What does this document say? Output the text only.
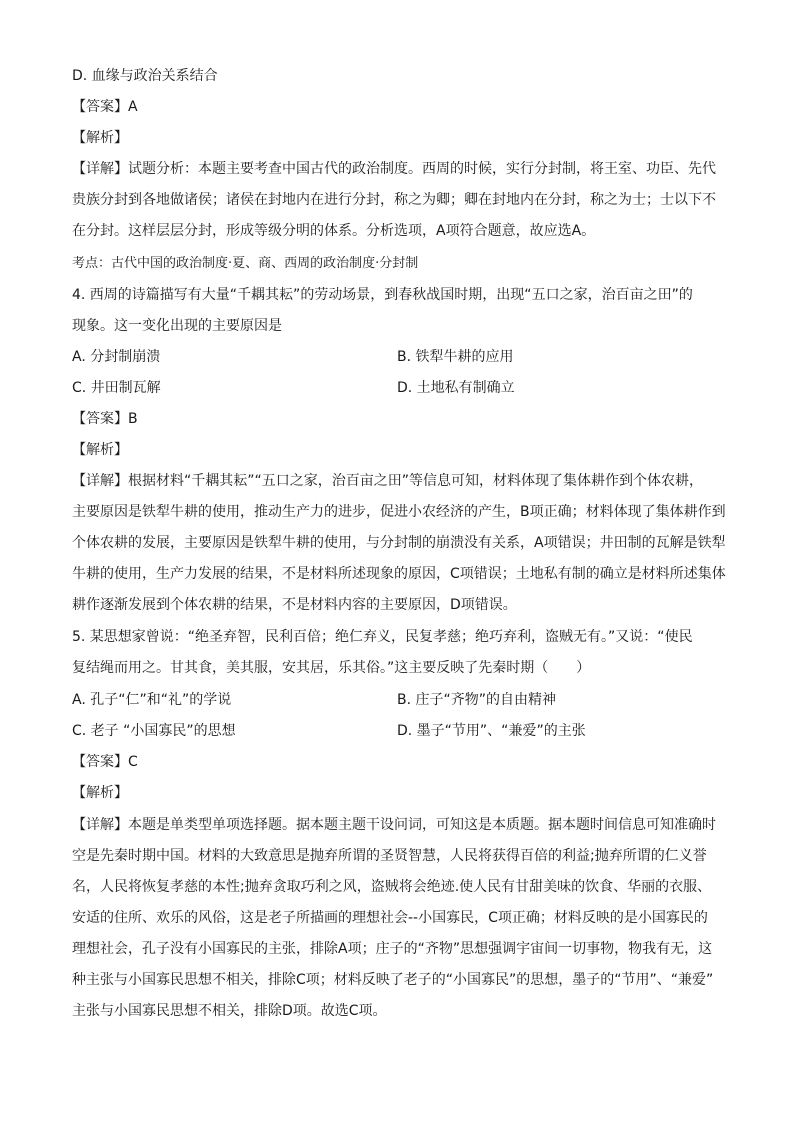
D. 血缘与政治关系结合
【答案】A
【解析】
【详解】试题分析：本题主要考查中国古代的政治制度。西周的时候，实行分封制，将王室、功臣、先代
贵族分封到各地做诸侯；诸侯在封地内在进行分封，称之为卿；卿在封地内在分封，称之为士；士以下不
在分封。这样层层分封，形成等级分明的体系。分析选项，A项符合题意，故应选A。
考点：古代中国的政治制度·夏、商、西周的政治制度·分封制
4. 西周的诗篇描写有大量“千耦其耘”的劳动场景，到春秋战国时期，出现“五口之家，治百亩之田”的
现象。这一变化出现的主要原因是
A. 分封制崩溃	B. 铁犁牛耕的应用
C. 井田制瓦解	D. 土地私有制确立
【答案】B
【解析】
【详解】根据材料“千耦其耘”“五口之家，治百亩之田”等信息可知，材料体现了集体耕作到个体农耕，
主要原因是铁犁牛耕的使用，推动生产力的进步，促进小农经济的产生，B项正确；材料体现了集体耕作到
个体农耕的发展，主要原因是铁犁牛耕的使用，与分封制的崩溃没有关系，A项错误；井田制的瓦解是铁犁
牛耕的使用，生产力发展的结果，不是材料所述现象的原因，C项错误；土地私有制的确立是材料所述集体
耕作逐渐发展到个体农耕的结果，不是材料内容的主要原因，D项错误。
5. 某思想家曾说：“绝圣弃智，民利百倍；绝仁弃义，民复孝慈；绝巧弃利，盗贼无有。”又说：“使民
复结绳而用之。甘其食，美其服，安其居，乐其俗。”这主要反映了先秦时期（　　）
A. 孔子“仁”和“礼”的学说	B. 庄子“齐物”的自由精神
C. 老子 “小国寡民”的思想	D. 墨子“节用”、“兼爱”的主张
【答案】C
【解析】
【详解】本题是单类型单项选择题。据本题主题干设问词，可知这是本质题。据本题时间信息可知准确时
空是先秦时期中国。材料的大致意思是抛弃所谓的圣贤智慧，人民将获得百倍的利益;抛弃所谓的仁义誉
名，人民将恢复孝慈的本性;抛弃贪取巧利之风，盗贼将会绝迹.使人民有甘甜美味的饮食、华丽的衣服、
安适的住所、欢乐的风俗，这是老子所描画的理想社会--小国寡民，C项正确；材料反映的是小国寡民的
理想社会，孔子没有小国寡民的主张，排除A项；庄子的“齐物”思想强调宇宙间一切事物，物我有无，这
种主张与小国寡民思想不相关，排除C项；材料反映了老子的“小国寡民”的思想，墨子的“节用”、“兼爱”
主张与小国寡民思想不相关，排除D项。故选C项。
